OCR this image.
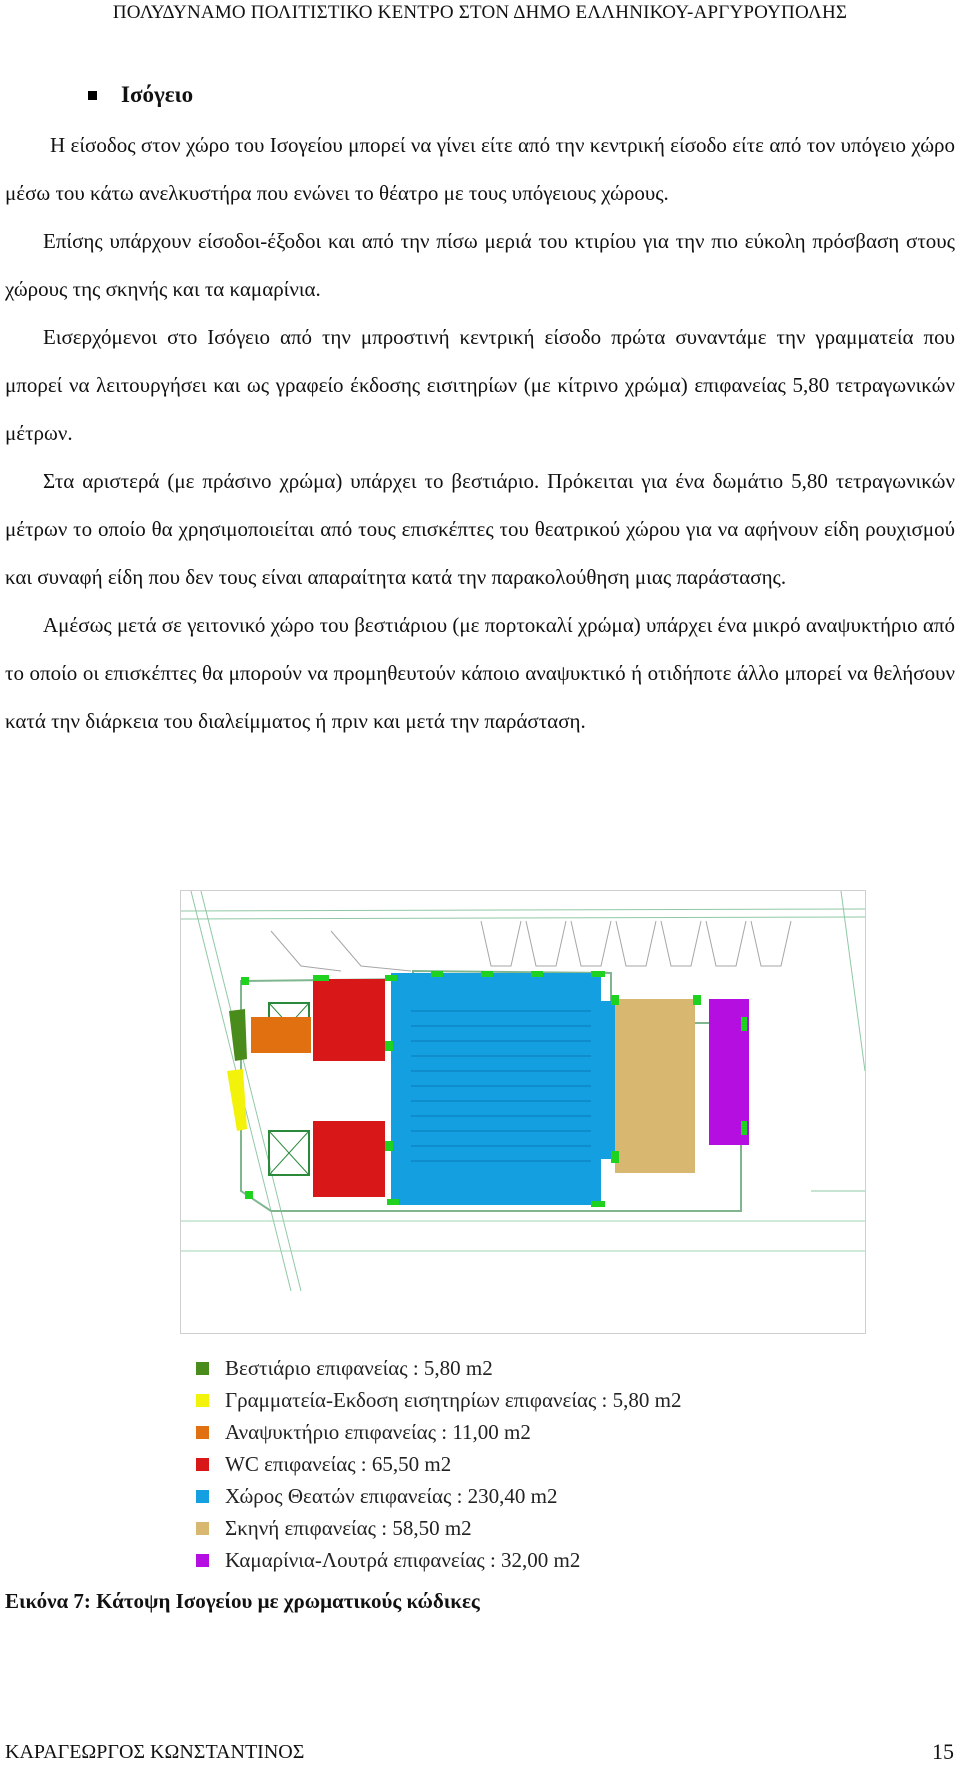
ΠΟΛΥΔΥΝΑΜΟ ΠΟΛΙΤΙΣΤΙΚΟ ΚΕΝΤΡΟ ΣΤΟΝ ΔΗΜΟ ΕΛΛΗΝΙΚΟΥ-ΑΡΓΥΡΟΥΠΟΛΗΣ
Ισόγειο

Η είσοδος στον χώρο του Ισογείου μπορεί να γίνει είτε από την κεντρική είσοδο είτε από τον υπόγειο χώρο μέσω του κάτω ανελκυστήρα που ενώνει το θέατρο με τους υπόγειους χώρους.

Επίσης υπάρχουν είσοδοι-έξοδοι και από την πίσω μεριά του κτιρίου για την πιο εύκολη πρόσβαση στους χώρους της σκηνής και τα καμαρίνια.

Εισερχόμενοι στο Ισόγειο από την μπροστινή κεντρική είσοδο πρώτα συναντάμε την γραμματεία που μπορεί να λειτουργήσει και ως γραφείο έκδοσης εισιτηρίων (με κίτρινο χρώμα) επιφανείας 5,80 τετραγωνικών μέτρων.

Στα αριστερά (με πράσινο χρώμα) υπάρχει το βεστιάριο. Πρόκειται για ένα δωμάτιο 5,80 τετραγωνικών μέτρων το οποίο θα χρησιμοποιείται από τους επισκέπτες του θεατρικού χώρου για να αφήνουν είδη ρουχισμού και συναφή είδη που δεν τους είναι απαραίτητα κατά την παρακολούθηση μιας παράστασης.

Αμέσως μετά σε γειτονικό χώρο του βεστιάριου (με πορτοκαλί χρώμα) υπάρχει ένα μικρό αναψυκτήριο από το οποίο οι επισκέπτες θα μπορούν να προμηθευτούν κάποιο αναψυκτικό ή οτιδήποτε άλλο μπορεί να θελήσουν κατά την διάρκεια του διαλείμματος ή πριν και μετά την παράσταση.

Βεστιάριο επιφανείας : 5,80 m2
Γραμματεία-Εκδοση εισητηρίων επιφανείας : 5,80 m2
Αναψυκτήριο επιφανείας : 11,00 m2
WC επιφανείας : 65,50 m2
Χώρος Θεατών επιφανείας : 230,40 m2
Σκηνή επιφανείας : 58,50 m2
Καμαρίνια-Λουτρά επιφανείας : 32,00 m2
Εικόνα 7: Κάτοψη Ισογείου με χρωματικούς κώδικες
ΚΑΡΑΓΕΩΡΓΟΣ ΚΩΝΣΤΑΝΤΙΝΟΣ	15
